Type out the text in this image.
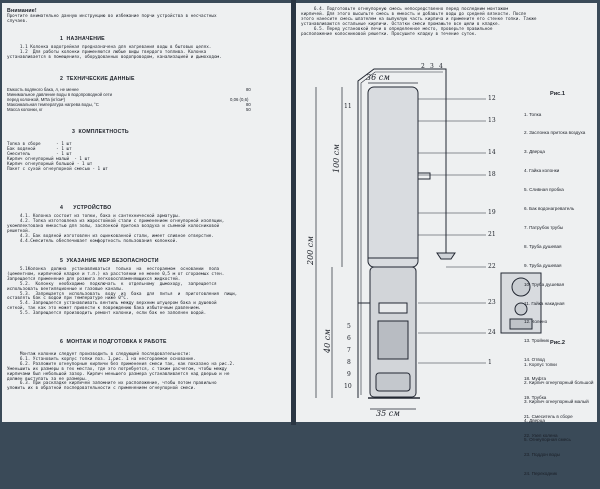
Внимание!
Прочтите внимательно данную инструкцию во избежание порчи устройства в несчастных
случаев.
1  НАЗНАЧЕНИЕ
1.1 Колонка водогрейная предназначена для нагревания воды в бытовых целях.
1.2  Для работы колонки применяются любые виды твердого топлива. Колонка
устанавливается в помещениях, оборудованных водопроводом, канализацией и дымоходом.
2  ТЕХНИЧЕСКИЕ ДАННЫЕ
Емкость водяного бака, л, не менее	80
Минимальное давление воды в водопроводной сети
перед колонкой, МПа (кг/см²)	0,06 (0,6)
Максимальная температура нагрева воды, °С	80
Масса колонки, кг	50
3  КОМПЛЕКТНОСТЬ
Топка в сборе      - 1 шт
Бак водяной        - 1 шт
Смеситель          - 1 шт
Кирпич огнеупорный малый  - 1 шт
Кирпич огнеупорный большой - 1 шт
Пакет с сухой огнеупорной смесью - 1 шт
4      УСТРОЙСТВО
4.1. Колонка состоит из топки, бака и сантехнической арматуры.
4.2. Топка изготовлена из жаростойкой стали с применением огнеупорной изоляции,
укомплектована емкостью для золы, заслонкой притока воздуха и съемной колосниковой
решеткой.
4.3. Бак водяной изготовлен из оцинкованной стали, имеет сливное отверстие.
4.4.Смеситель обеспечивает комфортность пользования колонкой.
5  УКАЗАНИЕ МЕР БЕЗОПАСНОСТИ
5.1Колонка  должна  устанавливаться  только  на  несгораемом  основании  пола
(цементном, кирпичной кладке и т.п.) на расстоянии не менее 0,5 м от сгораемых стен.
Запрещается применение для розжига легковоспламеняющихся жидкостей.
5.2.  Колонку  необходимо  подключать  к  отдельному  дымоходу,  запрещается
использовать вентиляционные и газовые каналы.
5.3.  Запрещается  использовать  воду  из  бака  для  питья  и  приготовления  пищи,
оставлять бак с водой при температуре ниже 0°С.
5.4. Запрещается устанавливать вентиль между верхним штуцером бака и душевой
сеткой, так как это может привести к повреждению бака избыточным давлением.
5.5. Запрещается производить ремонт колонки, если бак не заполнен водой.
6  МОНТАЖ И ПОДГОТОВКА К РАБОТЕ
Монтаж колонки следует производить в следующей последовательности:
6.1. Установить корпус топки поз. 1,рис. 1 на несгораемое основание.
6.2. Разложите огнеупорные кирпичи без применения смеси так, как показано на рис.2.
Уменьшить их размеры в тех местах, где это потребуется, с таким расчетом, чтобы между
кирпичами был небольшой зазор. Кирпич меньшего размера устанавливается над дверью и не
должен выступать за ее размеры.
6.3. При раскладке кирпичей запомните их расположение, чтобы потом правильно
уложить их в обратной последовательности с применением огнеупорной смеси.
6.4. Подготовьте огнеупорную смесь непосредственно перед последним монтажом
кирпичей. Для этого высыпьте смесь в емкость и добавьте воды до средней вязкости. После
этого нанесите смесь шпателем на выпуклую часть кирпича и примените его стенке топки. Также
устанавливаются остальные кирпичи. Остатки смеси промажьте все щели в кладке.
6.5. Перед установкой печи в определенное место, проверьте правильное
расположение колосниковой решетки. Просушите кладку в течение суток.
36 см
100 см
200 см
40 см
35 см
12
13
14
18
19
21
22
23
24
1
2 3 4
5
6
7
8
9
10
11
Рис.1

1. Топка

2. Заслонка притока воздуха

3. Дверца

4. Гайка колонки

5. Сливная пробка

6. Бак водонагреватель

7. Патрубок трубы

8. Труба душевая

9. Труба душевая

10. Труба душевая

11. Гайка накидная

12. Колено

13. Тройник

14. Отвод

18. Муфта

19. Трубка

21. Смеситель в сборе

22. Узел колена

23. Поддон воды

24. Переходник

Рис.2

1. Корпус топки

2. Кирпич огнеупорный большой

3. Кирпич огнеупорный малый

4. Дверца

5. Огнеупорная смесь
